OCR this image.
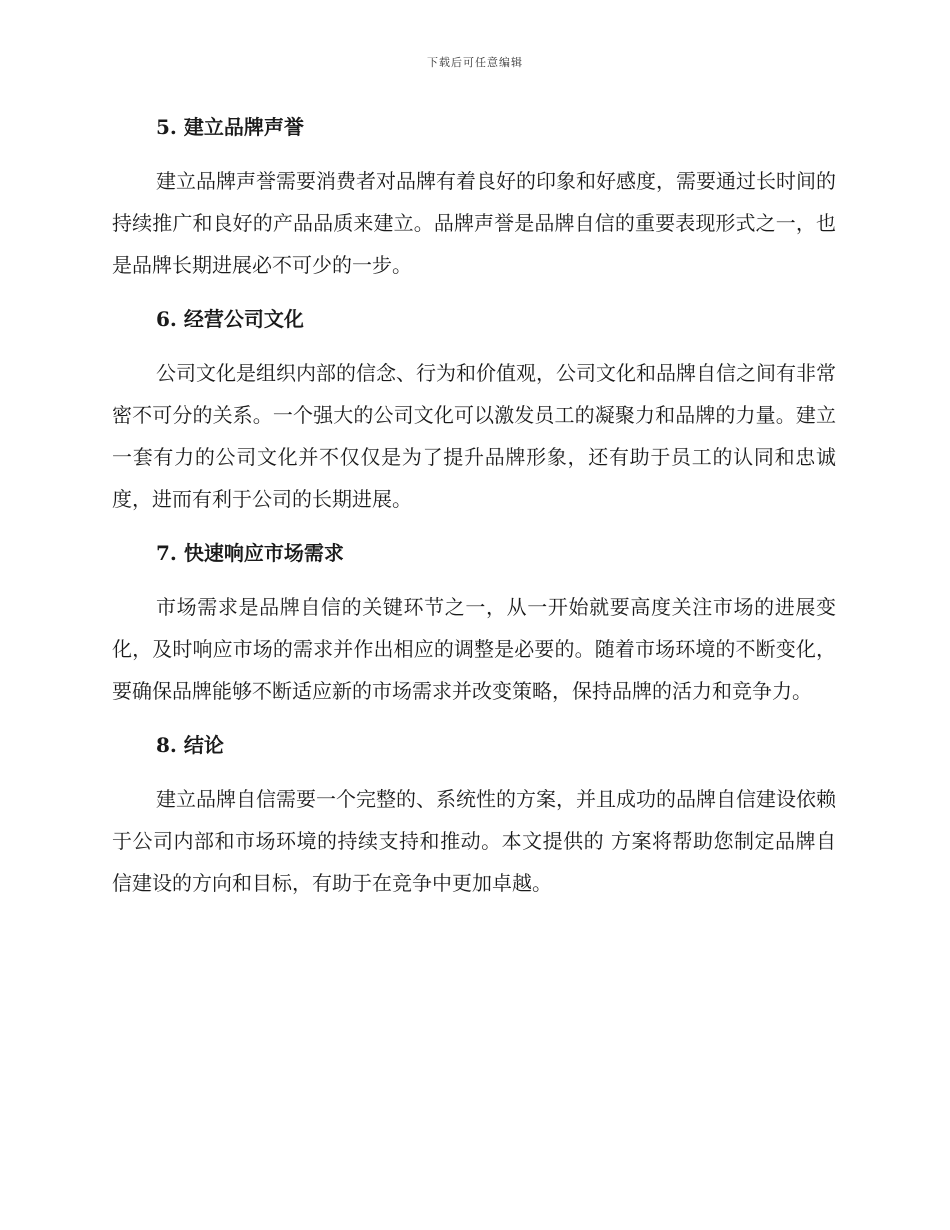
下载后可任意编辑
5. 建立品牌声誉

建立品牌声誉需要消费者对品牌有着良好的印象和好感度，需要通过长时间的持续推广和良好的产品品质来建立。品牌声誉是品牌自信的重要表现形式之一，也是品牌长期进展必不可少的一步。

6. 经营公司文化

公司文化是组织内部的信念、行为和价值观，公司文化和品牌自信之间有非常密不可分的关系。一个强大的公司文化可以激发员工的凝聚力和品牌的力量。建立一套有力的公司文化并不仅仅是为了提升品牌形象，还有助于员工的认同和忠诚度，进而有利于公司的长期进展。

7. 快速响应市场需求

市场需求是品牌自信的关键环节之一，从一开始就要高度关注市场的进展变化，及时响应市场的需求并作出相应的调整是必要的。随着市场环境的不断变化，要确保品牌能够不断适应新的市场需求并改变策略，保持品牌的活力和竞争力。

8. 结论

建立品牌自信需要一个完整的、系统性的方案，并且成功的品牌自信建设依赖于公司内部和市场环境的持续支持和推动。本文提供的 方案将帮助您制定品牌自信建设的方向和目标，有助于在竞争中更加卓越。
